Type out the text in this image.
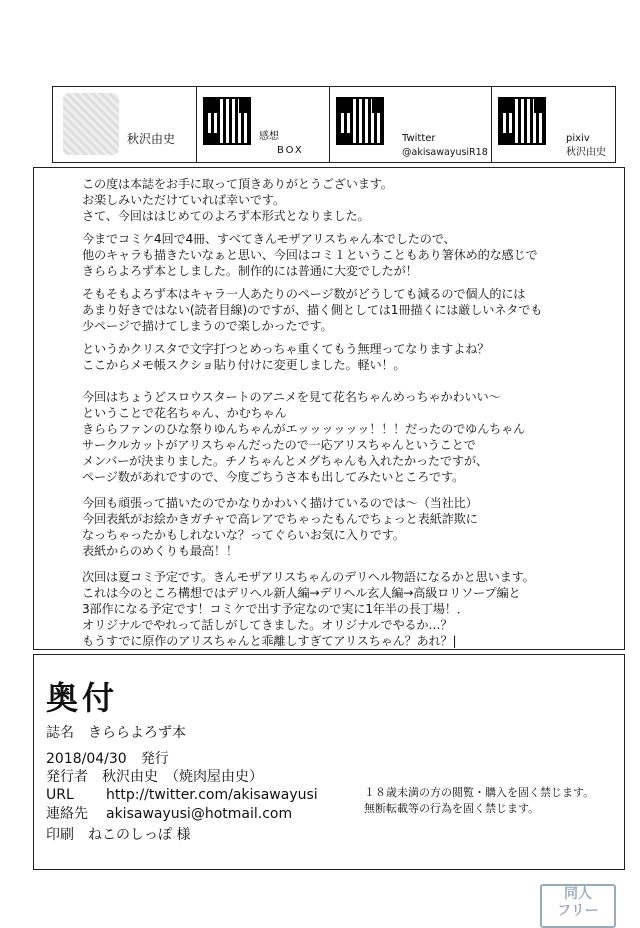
秋沢由史	感想
BOX
Twitter
@akisawayusiR18
pixiv
秋沢由史
この度は本誌をお手に取って頂きありがとうございます。
お楽しみいただけていれば幸いです。
さて、今回ははじめてのよろず本形式となりました。
今までコミケ4回で4冊、すべてきんモザアリスちゃん本でしたので、
他のキャラも描きたいなぁと思い、今回はコミ１ということもあり箸休め的な感じで
きららよろず本としました。制作的には普通に大変でしたが！
そもそもよろず本はキャラ一人あたりのページ数がどうしても減るので個人的には
あまり好きではない(読者目線)のですが、描く側としては1冊描くには厳しいネタでも
少ページで描けてしまうので楽しかったです。
というかクリスタで文字打つとめっちゃ重くてもう無理ってなりますよね？
ここからメモ帳スクショ貼り付けに変更しました。軽い！。
今回はちょうどスロウスタートのアニメを見て花名ちゃんめっちゃかわいい～
ということで花名ちゃん、かむちゃん
きららファンのひな祭りゆんちゃんがエッッッッッッ！！！だったのでゆんちゃん
サークルカットがアリスちゃんだったので一応アリスちゃんということで
メンバーが決まりました。チノちゃんとメグちゃんも入れたかったですが、
ページ数があれですので、今度ごちうさ本も出してみたいところです。
今回も頑張って描いたのでかなりかわいく描けているのでは～（当社比）
今回表紙がお絵かきガチャで高レアでちゃったもんでちょっと表紙詐欺に
なっちゃったかもしれないな？ってぐらいお気に入りです。
表紙からのめくりも最高！！
次回は夏コミ予定です。きんモザアリスちゃんのデリヘル物語になるかと思います。
これは今のところ構想ではデリヘル新人編→デリヘル玄人編→高級ロリソープ編と
3部作になる予定です！コミケで出す予定なので実に1年半の長丁場！．
オリジナルでやれって話しがしてきました。オリジナルでやるか…？
もうすでに原作のアリスちゃんと乖離しすぎてアリスちゃん？あれ？|
奥付
誌名　きららよろず本
2018/04/30　発行
発行者　秋沢由史　（焼肉屋由史）
URL http://twitter.com/akisawayusi
連絡先 akisawayusi@hotmail.com
印刷　ねこのしっぽ 様
１８歳未満の方の閲覧・購入を固く禁じます。
無断転載等の行為を固く禁じます。
同人
フリー
